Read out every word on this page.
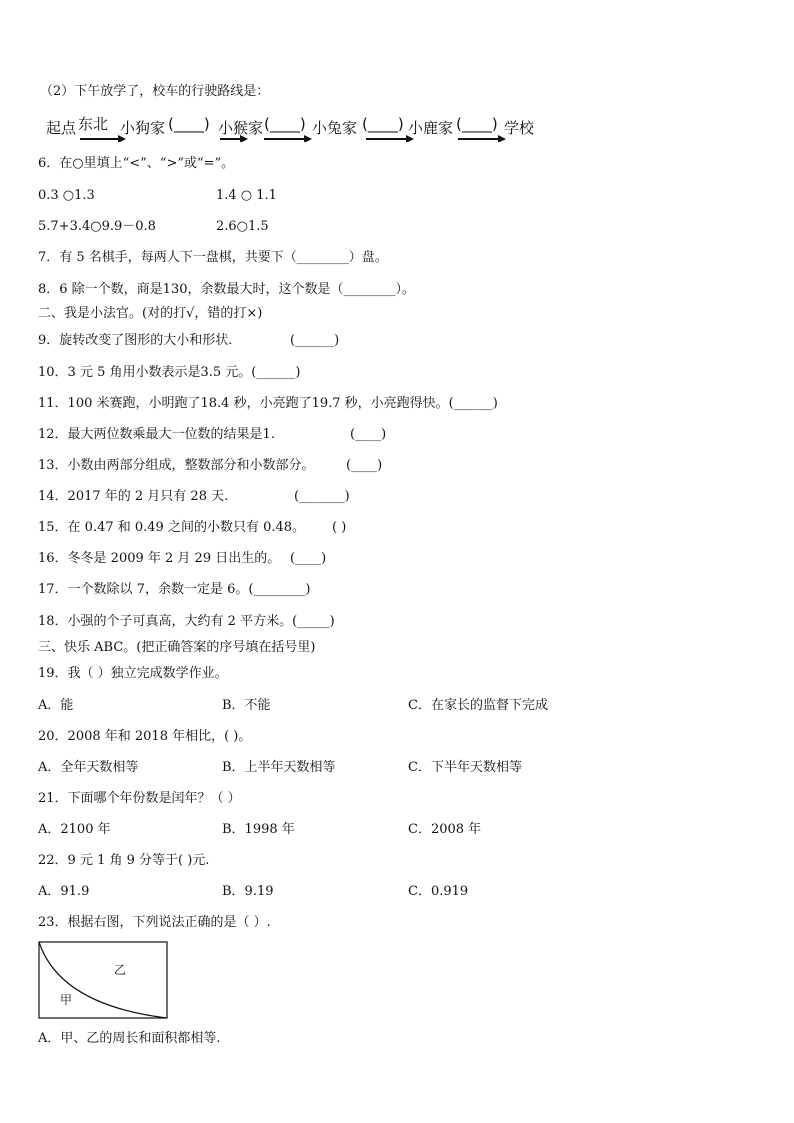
（2）下午放学了，校车的行驶路线是：
起点 东北 小狗家 (____) 小猴家 (____) 小兔家 (____) 小鹿家 (____) 学校
6．在○里填上“<”、“>”或“=”。
0.3 ○1.3	1.4 ○ 1.1
5.7+3.4○9.9－0.8	2.6○1.5
7．有 5 名棋手，每两人下一盘棋，共要下（________）盘。
8．6 除一个数，商是130，余数最大时，这个数是（________）。
二、我是小法官。(对的打√，错的打×)
9．旋转改变了图形的大小和形状.	(______)
10．3 元 5 角用小数表示是3.5 元。(______)
11．100 米赛跑，小明跑了18.4 秒，小亮跑了19.7 秒，小亮跑得快。(______)
12．最大两位数乘最大一位数的结果是1.	(____)
13．小数由两部分组成，整数部分和小数部分。 (____)
14．2017 年的 2 月只有 28 天.	(_______)
15．在 0.47 和 0.49 之间的小数只有 0.48。 ( )
16．冬冬是 2009 年 2 月 29 日出生的。 (____)
17．一个数除以 7，余数一定是 6。(________)
18．小强的个子可真高，大约有 2 平方米。(_____)
三、快乐 ABC。(把正确答案的序号填在括号里)
19．我（ ）独立完成数学作业。
A．能	B．不能	C．在家长的监督下完成
20．2008 年和 2018 年相比，( )。
A．全年天数相等	B．上半年天数相等	C．下半年天数相等
21．下面哪个年份数是闰年？（ ）
A．2100 年	B．1998 年	C．2008 年
22．9 元 1 角 9 分等于( )元.
A．91.9	B．9.19	C．0.919
23．根据右图，下列说法正确的是（ ）.
乙
甲
A．甲、乙的周长和面积都相等.
